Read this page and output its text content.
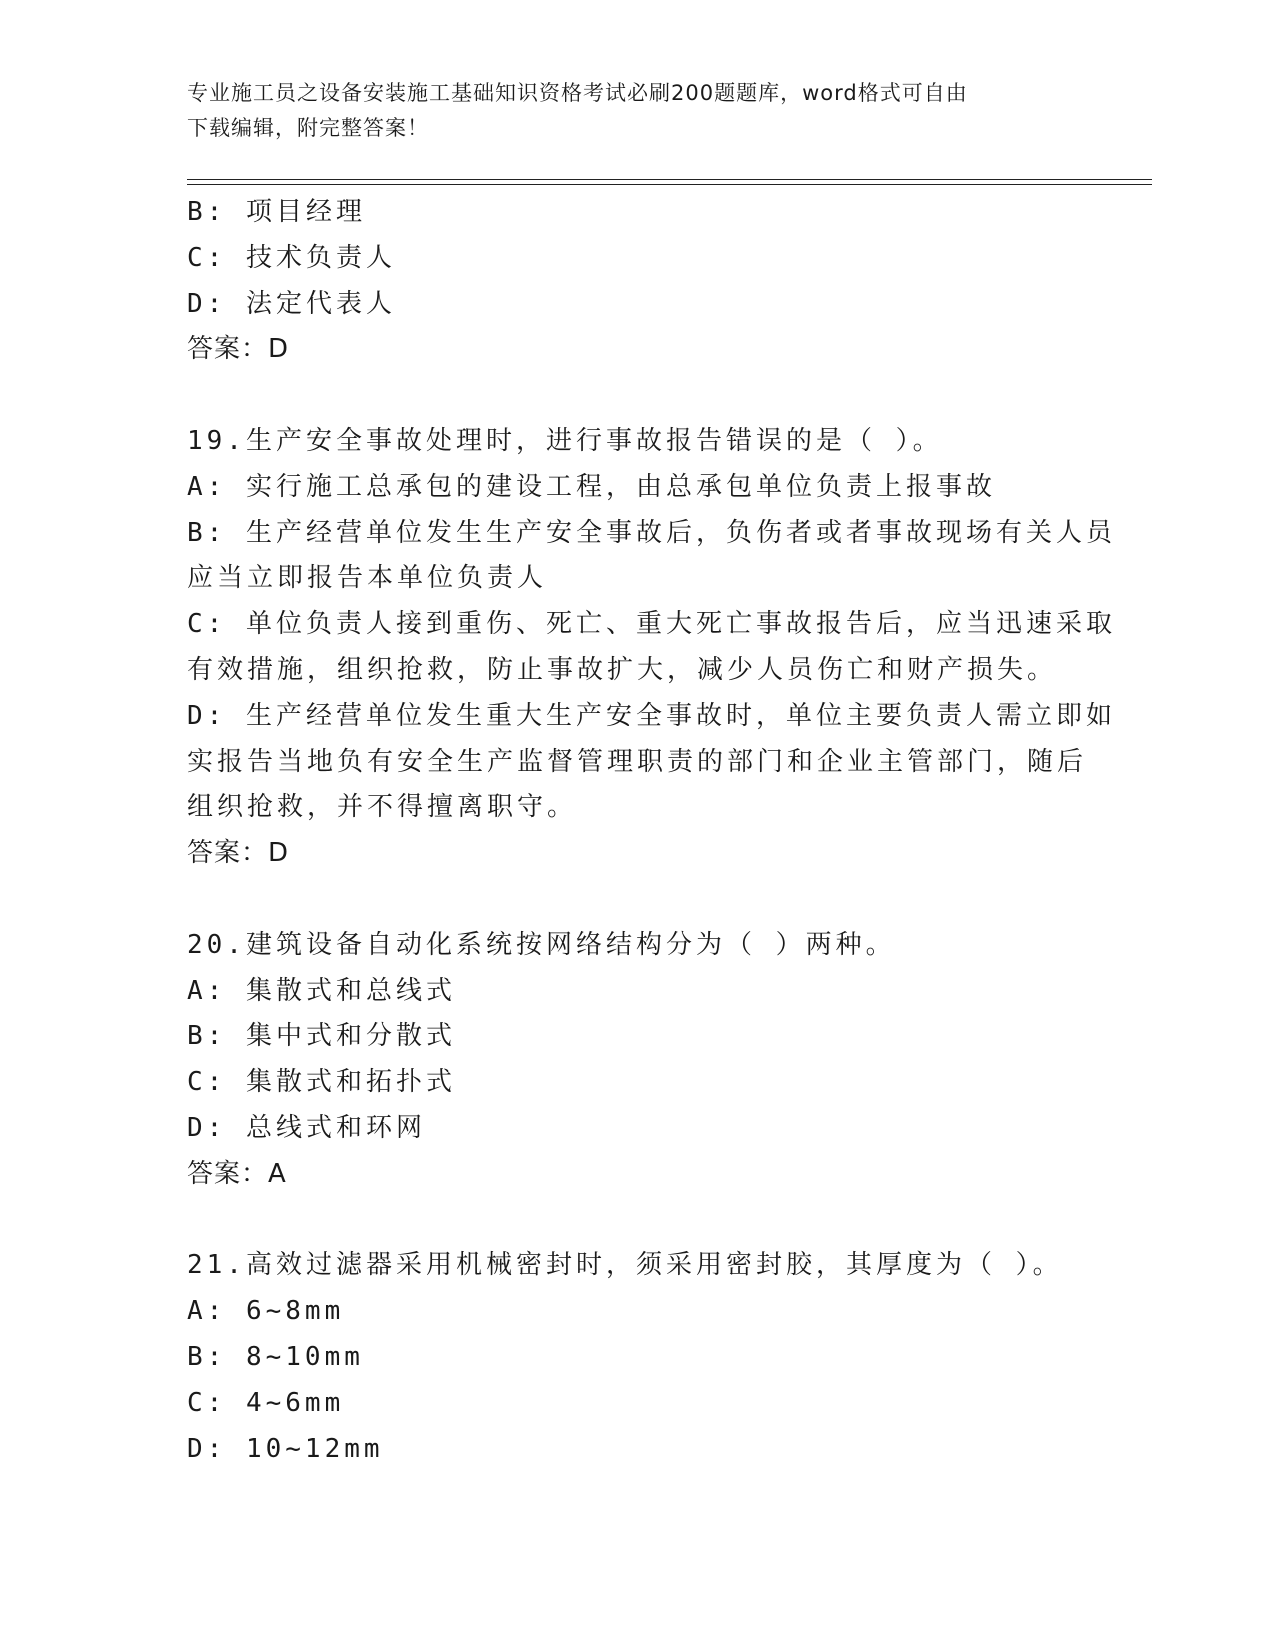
专业施工员之设备安装施工基础知识资格考试必刷200题题库，word格式可自由
下载编辑，附完整答案！
B: 项目经理
C: 技术负责人
D: 法定代表人
答案：D
19.生产安全事故处理时，进行事故报告错误的是（ ）。
A: 实行施工总承包的建设工程，由总承包单位负责上报事故
B: 生产经营单位发生生产安全事故后，负伤者或者事故现场有关人员
应当立即报告本单位负责人
C: 单位负责人接到重伤、死亡、重大死亡事故报告后，应当迅速采取
有效措施，组织抢救，防止事故扩大，减少人员伤亡和财产损失。
D: 生产经营单位发生重大生产安全事故时，单位主要负责人需立即如
实报告当地负有安全生产监督管理职责的部门和企业主管部门，随后
组织抢救，并不得擅离职守。
答案：D
20.建筑设备自动化系统按网络结构分为（ ）两种。
A: 集散式和总线式
B: 集中式和分散式
C: 集散式和拓扑式
D: 总线式和环网
答案：A
21.高效过滤器采用机械密封时，须采用密封胶，其厚度为（ ）。
A: 6~8mm
B: 8~10mm
C: 4~6mm
D: 10~12mm
